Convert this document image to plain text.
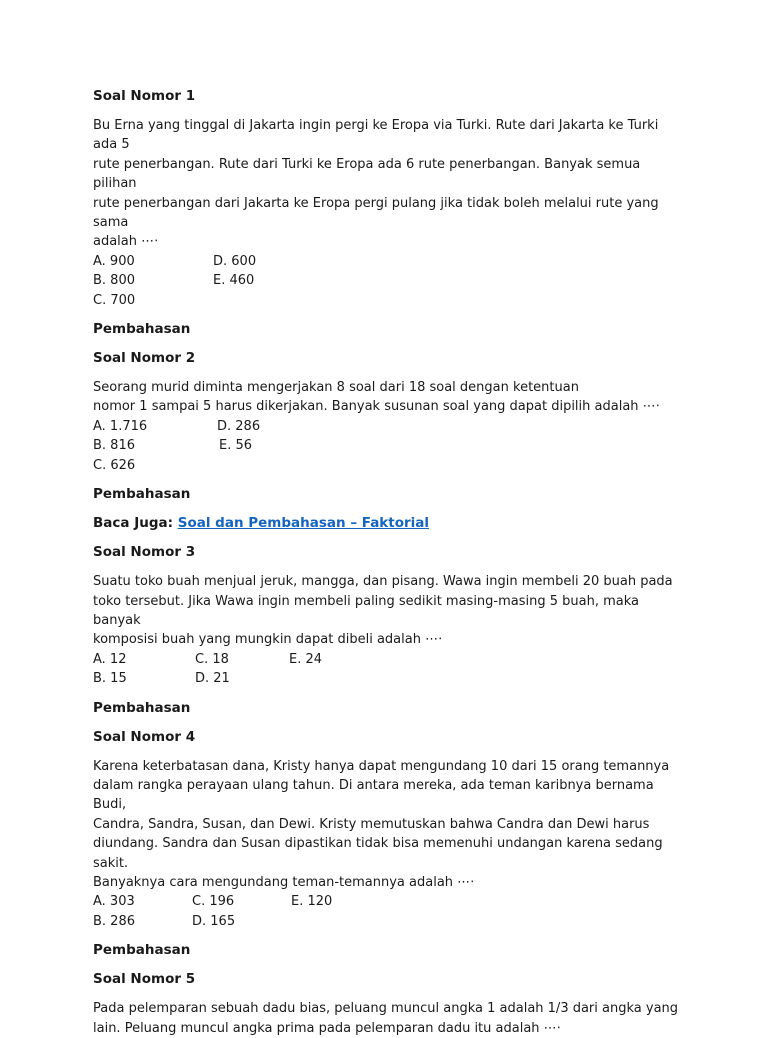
Soal Nomor 1
Bu Erna yang tinggal di Jakarta ingin pergi ke Eropa via Turki. Rute dari Jakarta ke Turki ada 5
rute penerbangan. Rute dari Turki ke Eropa ada 6 rute penerbangan. Banyak semua pilihan
rute penerbangan dari Jakarta ke Eropa pergi pulang jika tidak boleh melalui rute yang sama
adalah ⋯⋅
A. 900	D. 600
B. 800	E. 460
C. 700
Pembahasan
Soal Nomor 2
Seorang murid diminta mengerjakan 8 soal dari 18 soal dengan ketentuan
nomor 1 sampai 5 harus dikerjakan. Banyak susunan soal yang dapat dipilih adalah ⋯⋅
A. 1.716	D. 286
B. 816	E. 56
C. 626
Pembahasan
Baca Juga: Soal dan Pembahasan – Faktorial
Soal Nomor 3
Suatu toko buah menjual jeruk, mangga, dan pisang. Wawa ingin membeli 20 buah pada
toko tersebut. Jika Wawa ingin membeli paling sedikit masing-masing 5 buah, maka banyak
komposisi buah yang mungkin dapat dibeli adalah ⋯⋅
A. 12	C. 18	E. 24
B. 15	D. 21
Pembahasan
Soal Nomor 4
Karena keterbatasan dana, Kristy hanya dapat mengundang 10 dari 15 orang temannya
dalam rangka perayaan ulang tahun. Di antara mereka, ada teman karibnya bernama Budi,
Candra, Sandra, Susan, dan Dewi. Kristy memutuskan bahwa Candra dan Dewi harus
diundang. Sandra dan Susan dipastikan tidak bisa memenuhi undangan karena sedang sakit.
Banyaknya cara mengundang teman-temannya adalah ⋯⋅
A. 303	C. 196	E. 120
B. 286	D. 165
Pembahasan
Soal Nomor 5
Pada pelemparan sebuah dadu bias, peluang muncul angka 1 adalah 1/3 dari angka yang
lain. Peluang muncul angka prima pada pelemparan dadu itu adalah ⋯⋅
